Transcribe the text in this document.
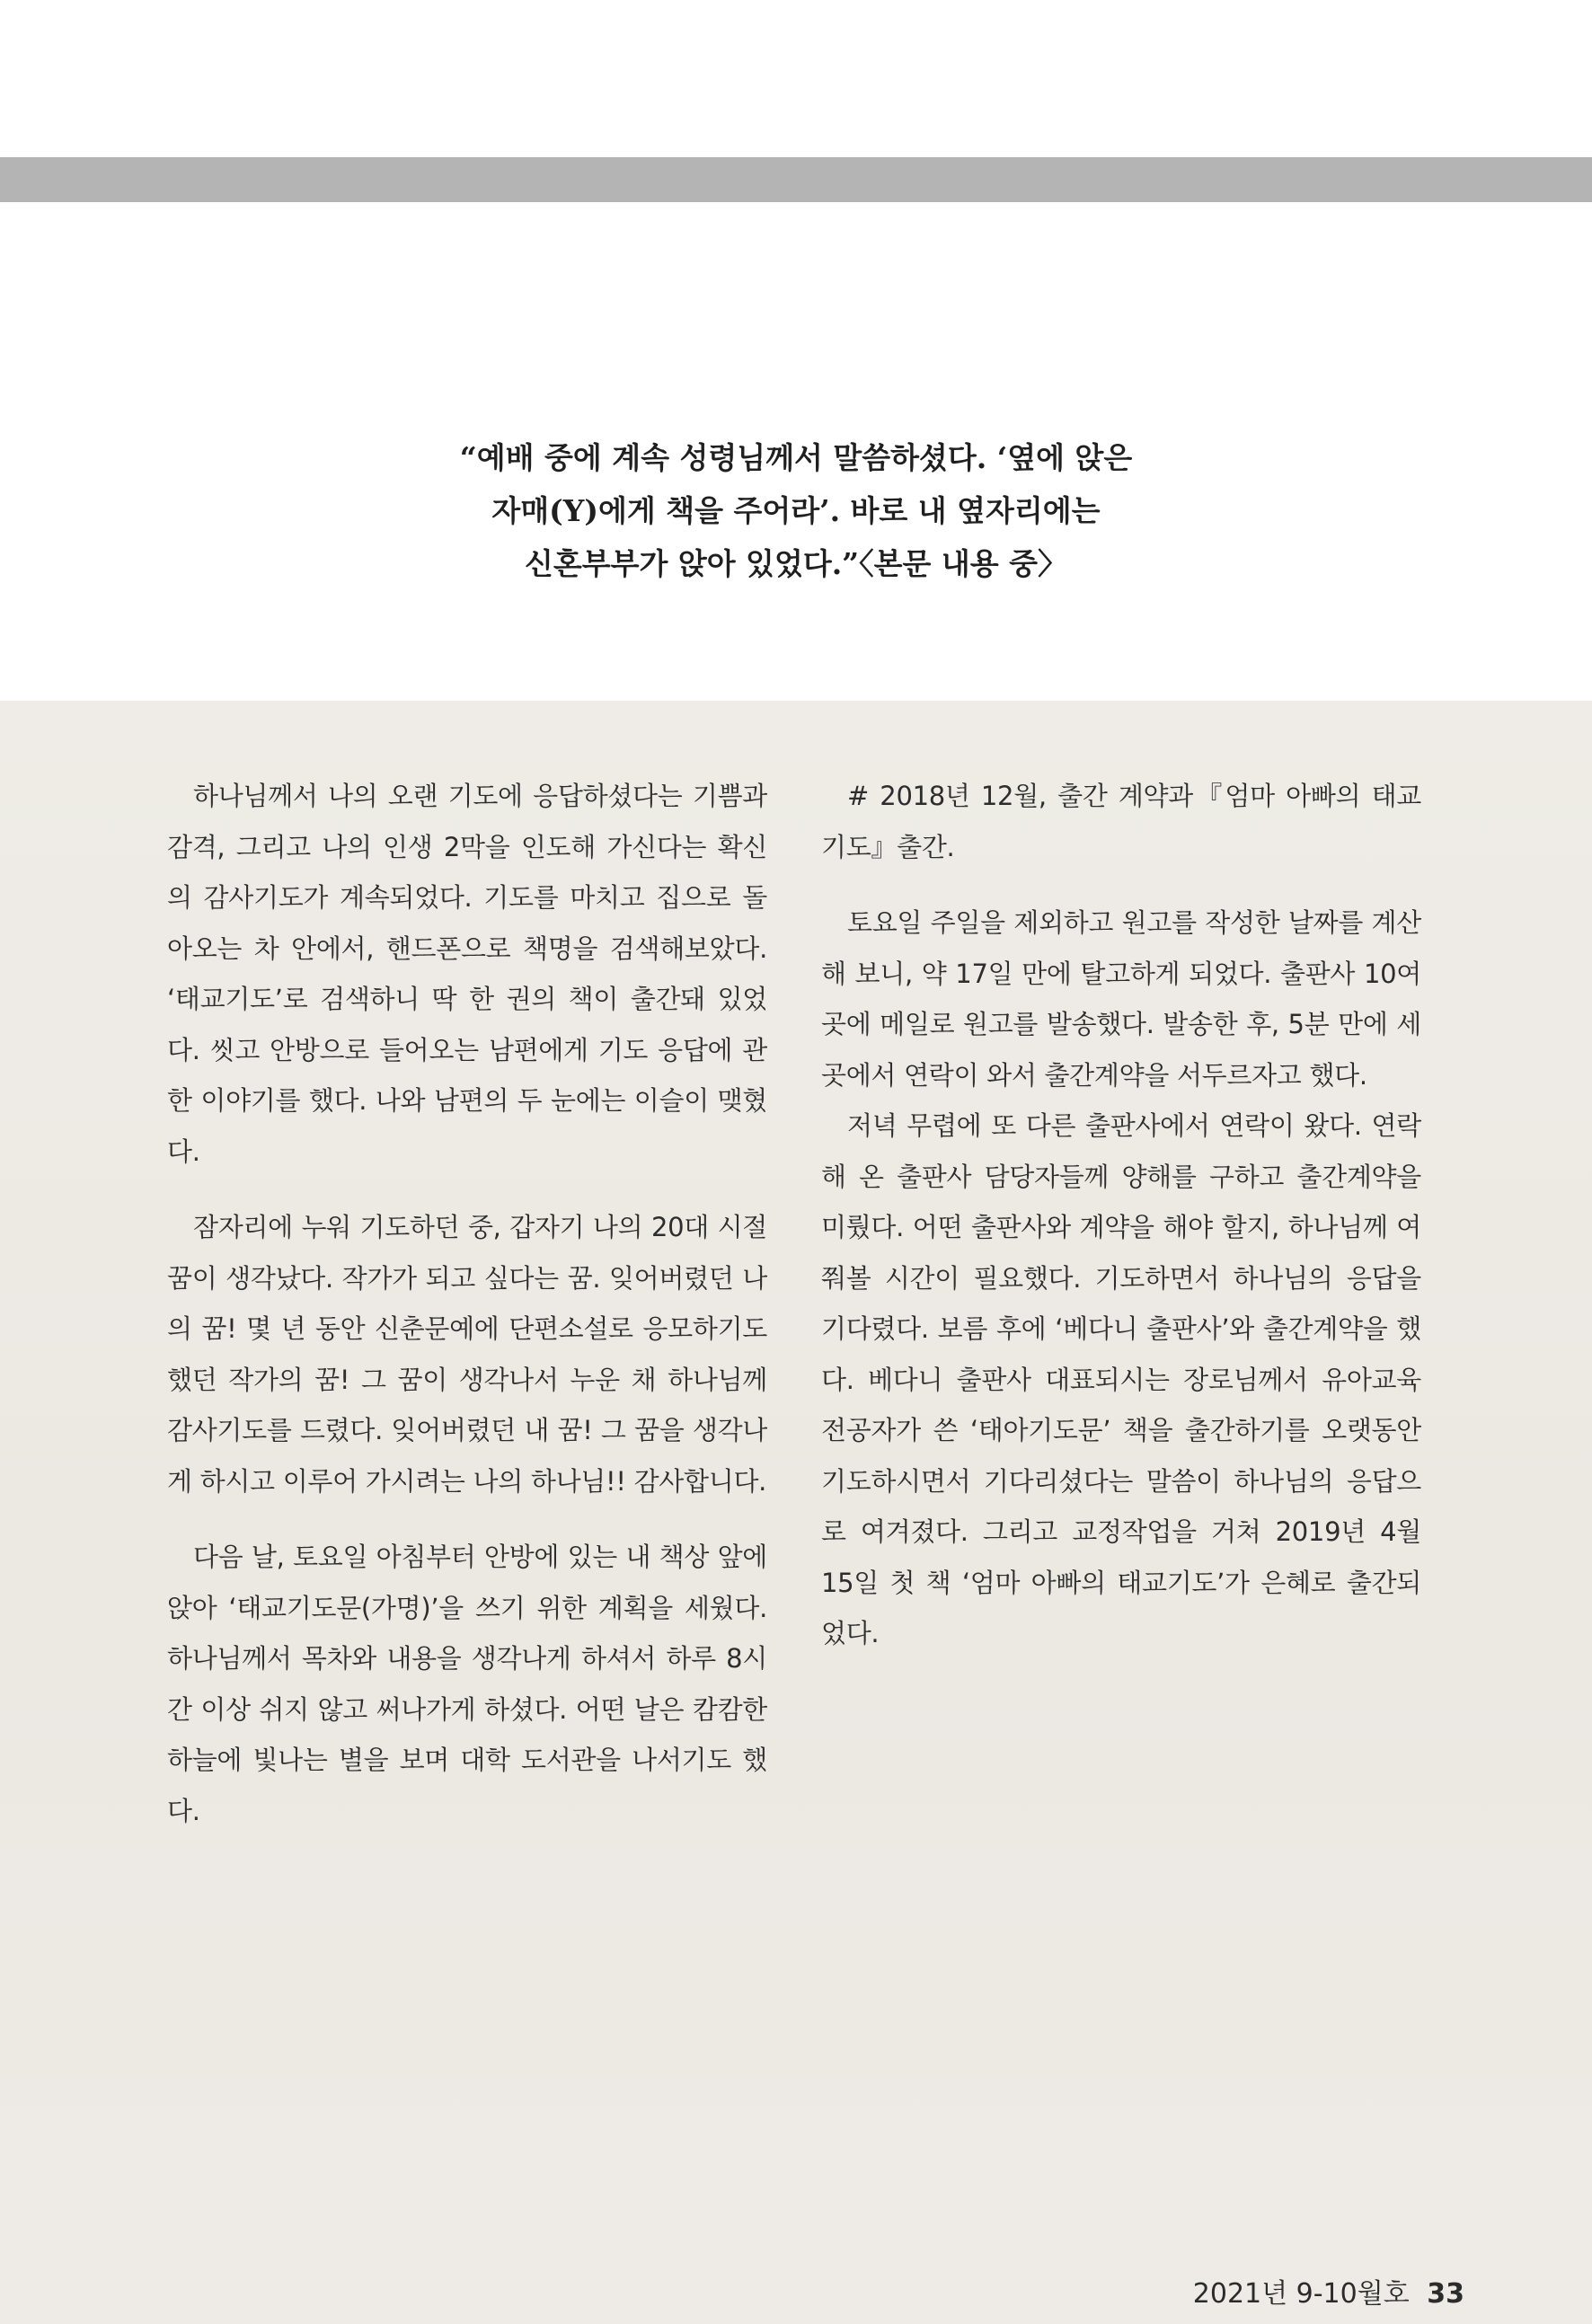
“예배 중에 계속 성령님께서 말씀하셨다. ‘옆에 앉은
자매(Y)에게 책을 주어라’. 바로 내 옆자리에는
신혼부부가 앉아 있었다.”〈본문 내용 중〉

하나님께서 나의 오랜 기도에 응답하셨다는 기쁨과 감격, 그리고 나의 인생 2막을 인도해 가신다는 확신의 감사기도가 계속되었다. 기도를 마치고 집으로 돌아오는 차 안에서, 핸드폰으로 책명을 검색해보았다. ‘태교기도’로 검색하니 딱 한 권의 책이 출간돼 있었다. 씻고 안방으로 들어오는 남편에게 기도 응답에 관한 이야기를 했다. 나와 남편의 두 눈에는 이슬이 맺혔다.

잠자리에 누워 기도하던 중, 갑자기 나의 20대 시절 꿈이 생각났다. 작가가 되고 싶다는 꿈. 잊어버렸던 나의 꿈! 몇 년 동안 신춘문예에 단편소설로 응모하기도 했던 작가의 꿈! 그 꿈이 생각나서 누운 채 하나님께 감사기도를 드렸다. 잊어버렸던 내 꿈! 그 꿈을 생각나게 하시고 이루어 가시려는 나의 하나님!! 감사합니다.

다음 날, 토요일 아침부터 안방에 있는 내 책상 앞에 앉아 ‘태교기도문(가명)’을 쓰기 위한 계획을 세웠다. 하나님께서 목차와 내용을 생각나게 하셔서 하루 8시간 이상 쉬지 않고 써나가게 하셨다. 어떤 날은 캄캄한 하늘에 빛나는 별을 보며 대학 도서관을 나서기도 했다.

# 2018년 12월, 출간 계약과『엄마 아빠의 태교기도』출간.

토요일 주일을 제외하고 원고를 작성한 날짜를 계산해 보니, 약 17일 만에 탈고하게 되었다. 출판사 10여 곳에 메일로 원고를 발송했다. 발송한 후, 5분 만에 세 곳에서 연락이 와서 출간계약을 서두르자고 했다.

저녁 무렵에 또 다른 출판사에서 연락이 왔다. 연락해 온 출판사 담당자들께 양해를 구하고 출간계약을 미뤘다. 어떤 출판사와 계약을 해야 할지, 하나님께 여쭤볼 시간이 필요했다. 기도하면서 하나님의 응답을 기다렸다. 보름 후에 ‘베다니 출판사’와 출간계약을 했다. 베다니 출판사 대표되시는 장로님께서 유아교육 전공자가 쓴 ‘태아기도문’ 책을 출간하기를 오랫동안 기도하시면서 기다리셨다는 말씀이 하나님의 응답으로 여겨졌다. 그리고 교정작업을 거쳐 2019년 4월 15일 첫 책 ‘엄마 아빠의 태교기도’가 은혜로 출간되었다.

2021년 9-10월호 33
